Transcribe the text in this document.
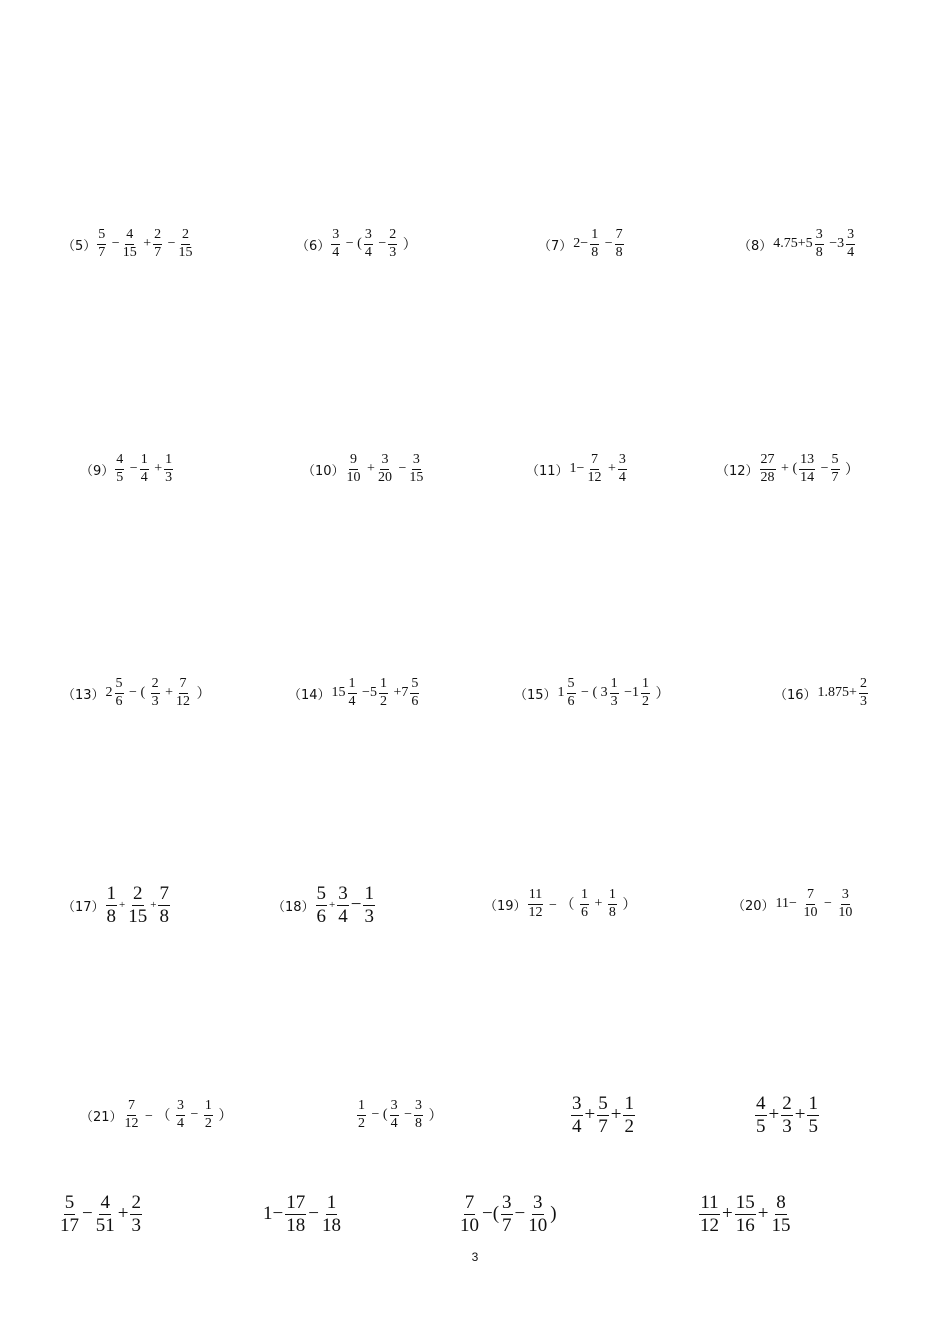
$(5) \frac{5}{7} - \frac{4}{15} + \frac{2}{7} - \frac{2}{15}$	$(6) \frac{3}{4}$ − ( $\frac{3}{4} - \frac{2}{3}$ ）	（7） $2- \frac{1}{8} - \frac{7}{8}$	（8） $4.75+5 \frac{3}{8} -3 \frac{3}{4}$
$(9) \frac{4}{5} - \frac{1}{4} + \frac{1}{3}$	$(10) \frac{9}{10} + \frac{3}{20} - \frac{3}{15}$	（11） $1- \frac{7}{12} + \frac{3}{4}$	$(12) \frac{27}{28}$ + ( $\frac{13}{14} - \frac{5}{7}$ ）
（13） $2 \frac{5}{6}$ − ( $\frac{2}{3} + \frac{7}{12}$ ）	（14） $15 \frac{1}{4} -5 \frac{1}{2} +7 \frac{5}{6}$	（15） $1 \frac{5}{6}$ − ( $3 \frac{1}{3} -1 \frac{1}{2}$ ）	（16） $1.875+ \frac{2}{3}$
$(17) \frac{1}{8} + \frac{2}{15} + \frac{7}{8}$	$(18) \frac{5}{6} + \frac{3}{4} - \frac{1}{3}$	$(19) \frac{11}{12}$ − （ $\frac{1}{6} + \frac{1}{8}$ ）	（20） $11- \frac{7}{10} - \frac{3}{10}$
$(21) \frac{7}{12}$ − （ $\frac{3}{4} - \frac{1}{2}$ ）	$\frac{1}{2}$ − ( $\frac{3}{4} - \frac{3}{8}$ ）	$\frac{3}{4} + \frac{5}{7} + \frac{1}{2}$	$\frac{4}{5} + \frac{2}{3} + \frac{1}{5}$
$\frac{5}{17} - \frac{4}{51} + \frac{2}{3}$	$1- \frac{17}{18} - \frac{1}{18}$	$\frac{7}{10}$ −( $\frac{3}{7} - \frac{3}{10}$ )	$\frac{11}{12} + \frac{15}{16} + \frac{8}{15}$
3
